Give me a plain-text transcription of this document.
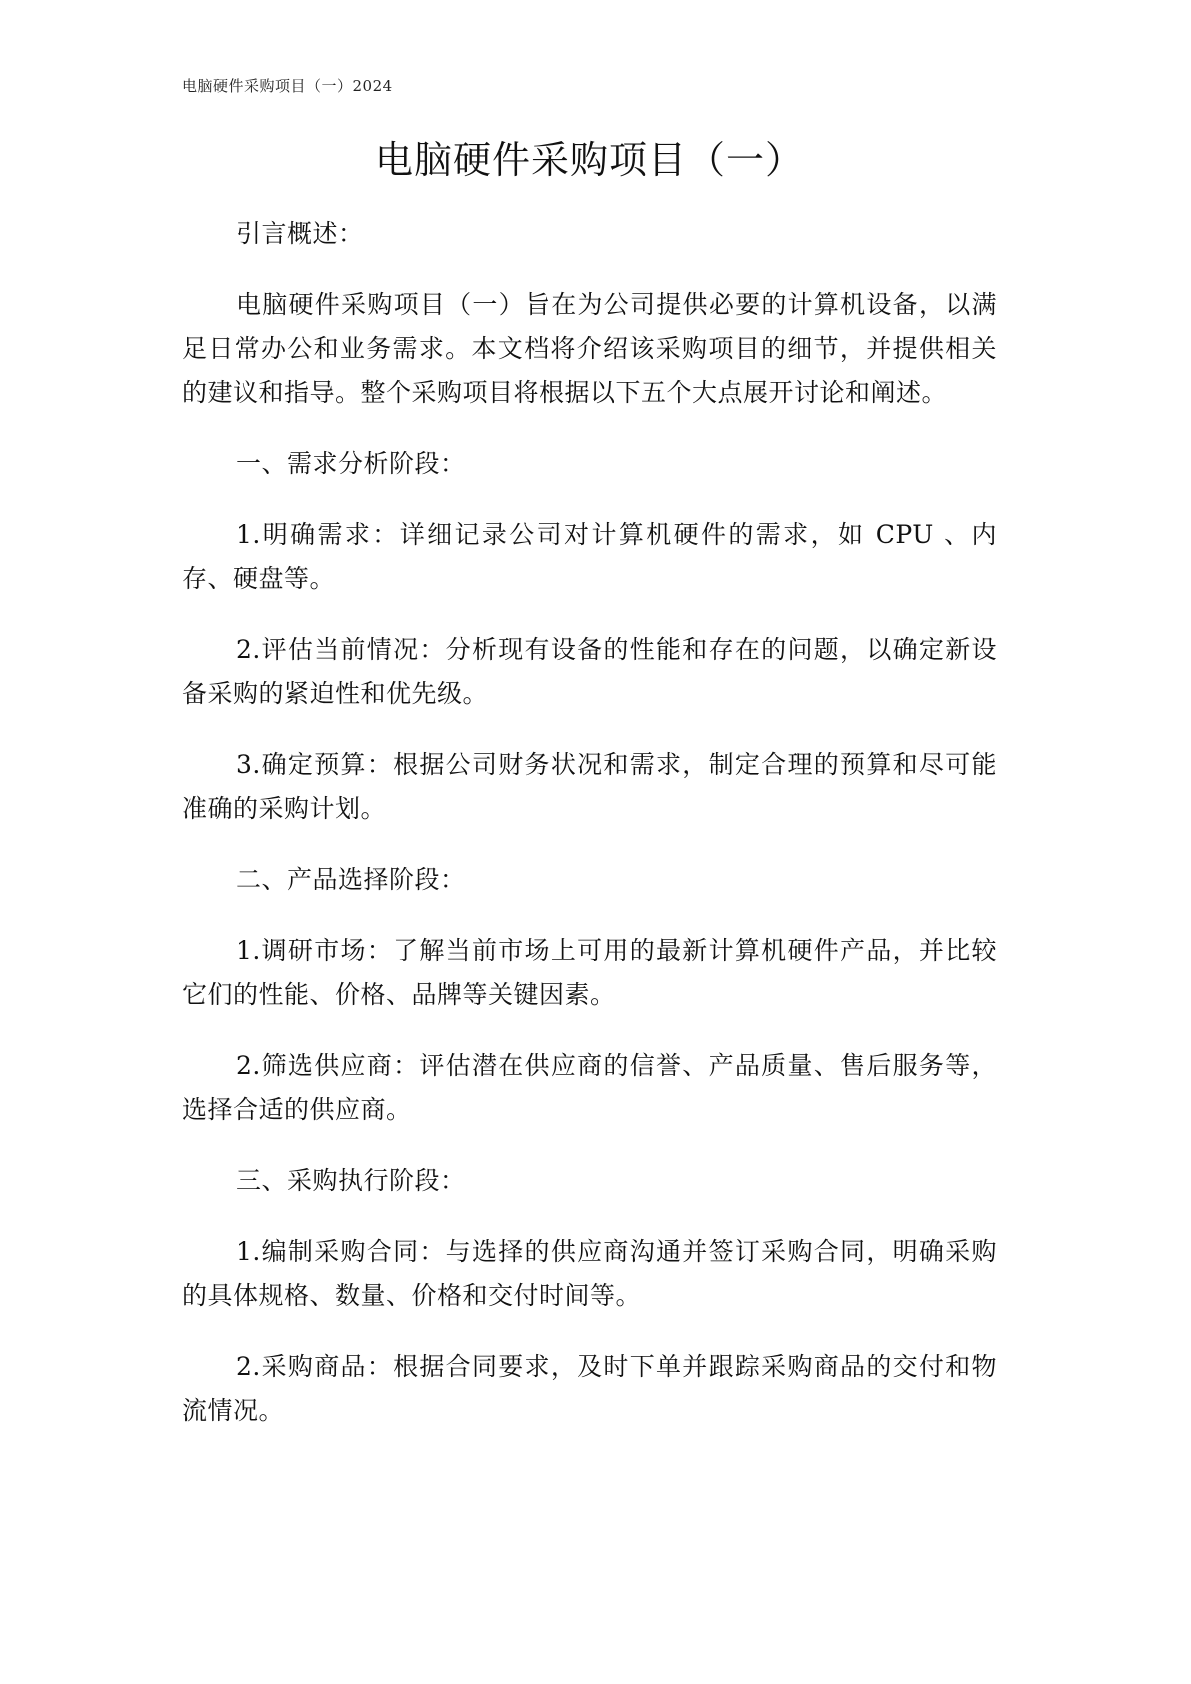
电脑硬件采购项目（一）2024
电脑硬件采购项目（一）

引言概述：

电脑硬件采购项目（一）旨在为公司提供必要的计算机设备，以满足日常办公和业务需求。本文档将介绍该采购项目的细节，并提供相关的建议和指导。整个采购项目将根据以下五个大点展开讨论和阐述。

一、需求分析阶段：

1.明确需求：详细记录公司对计算机硬件的需求，如 CPU 、内存、硬盘等。

2.评估当前情况：分析现有设备的性能和存在的问题，以确定新设备采购的紧迫性和优先级。

3.确定预算：根据公司财务状况和需求，制定合理的预算和尽可能准确的采购计划。

二、产品选择阶段：

1.调研市场：了解当前市场上可用的最新计算机硬件产品，并比较它们的性能、价格、品牌等关键因素。

2.筛选供应商：评估潜在供应商的信誉、产品质量、售后服务等，选择合适的供应商。

三、采购执行阶段：

1.编制采购合同：与选择的供应商沟通并签订采购合同，明确采购的具体规格、数量、价格和交付时间等。

2.采购商品：根据合同要求，及时下单并跟踪采购商品的交付和物流情况。
